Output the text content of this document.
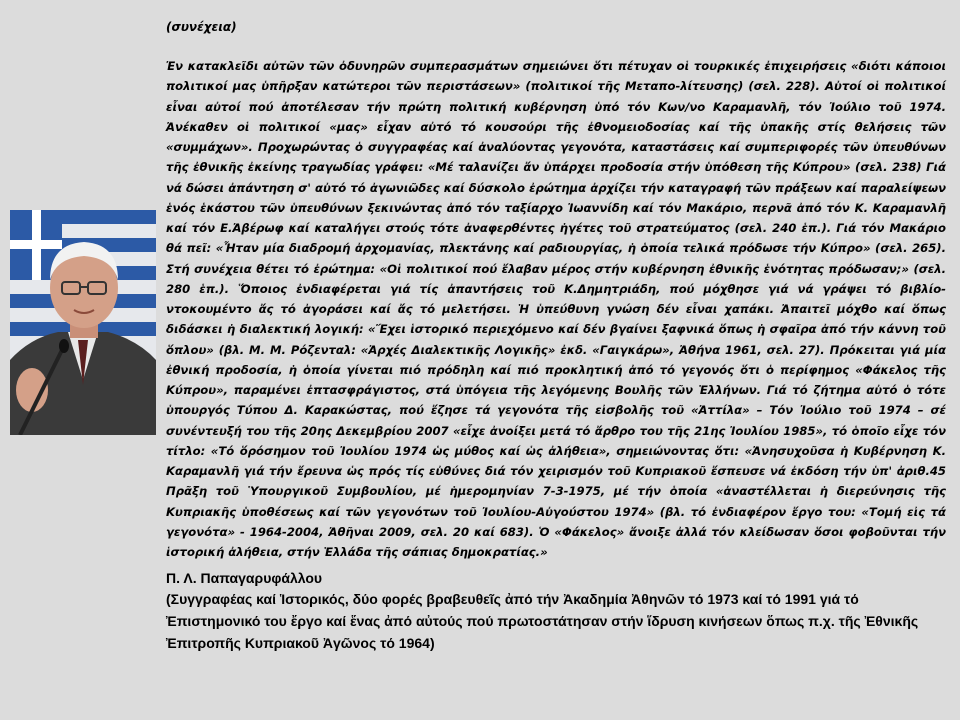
(συνέχεια)

Ἐν κατακλεῖδι αὐτῶν τῶν ὀδυνηρῶν συμπερασμάτων σημειώνει ὅτι πέτυχαν οἱ τουρκικές ἐπιχειρήσεις «διότι κάποιοι πολιτικοί μας ὑπῆρξαν κατώτεροι τῶν περιστάσεων» (πολιτικοί τῆς Μεταπο-λίτευσης) (σελ. 228). Αὐτοί οἱ πολιτικοί εἶναι αὐτοί πού ἀποτέλεσαν τήν πρώτη πολιτική κυβέρνηση ὑπό τόν Κων/νο Καραμανλῆ, τόν Ἰούλιο τοῦ 1974. Ἀνέκαθεν οἱ πολιτικοί «μας» εἶχαν αὐτό τό κουσούρι τῆς ἐθνομειοδοσίας καί τῆς ὑπακῆς στίς θελήσεις τῶν «συμμάχων». Προχωρώντας ὁ συγγραφέας καί ἀναλύοντας γεγονότα, καταστάσεις καί συμπεριφορές τῶν ὑπευθύνων τῆς ἐθνικῆς ἐκείνης τραγωδίας γράφει: «Μέ ταλανίζει ἄν ὑπάρχει προδοσία στήν ὑπόθεση τῆς Κύπρου» (σελ. 238) Γιά νά δώσει ἀπάντηση σ' αὐτό τό ἀγωνιῶδες καί δύσκολο ἐρώτημα ἀρχίζει τήν καταγραφή τῶν πράξεων καί παραλείψεων ἑνός ἑκάστου τῶν ὑπευθύνων ξεκινώντας ἀπό τόν ταξίαρχο Ἰωαννίδη καί τόν Μακάριο, περνᾶ ἀπό τόν Κ. Καραμανλῆ καί τόν Ε.Ἀβέρωφ καί καταλήγει στούς τότε ἀναφερθέντες ἡγέτες τοῦ στρατεύματος (σελ. 240 ἑπ.). Γιά τόν Μακάριο θά πεῖ: «Ἦταν μία διαδρομή ἀρχομανίας, πλεκτάνης καί ραδιουργίας, ἡ ὁποία τελικά πρόδωσε τήν Κύπρο» (σελ. 265). Στή συνέχεια θέτει τό ἐρώτημα: «Οἱ πολιτικοί πού ἔλαβαν μέρος στήν κυβέρνηση ἐθνικῆς ἑνότητας πρόδωσαν;» (σελ. 280 ἑπ.). Ὅποιος ἐνδιαφέρεται γιά τίς ἀπαντήσεις τοῦ Κ.Δημητριάδη, πού μόχθησε γιά νά γράψει τό βιβλίο-ντοκουμέντο ἄς τό ἀγοράσει καί ἄς τό μελετήσει. Ἡ ὑπεύθυνη γνώση δέν εἶναι χαπάκι. Ἀπαιτεῖ μόχθο καί ὅπως διδάσκει ἡ διαλεκτική λογική: «Ἔχει ἱστορικό περιεχόμενο καί δέν βγαίνει ξαφνικά ὅπως ἡ σφαῖρα ἀπό τήν κάννη τοῦ ὅπλου» (βλ. Μ. Μ. Ρόζενταλ: «Ἀρχές Διαλεκτικῆς Λογικῆς» ἐκδ. «Γαιγκάρω», Ἀθήνα 1961, σελ. 27). Πρόκειται γιά μία ἐθνική προδοσία, ἡ ὁποία γίνεται πιό πρόδηλη καί πιό προκλητική ἀπό τό γεγονός ὅτι ὁ περίφημος «Φάκελος τῆς Κύπρου», παραμένει ἐπτασφράγιστος, στά ὑπόγεια τῆς λεγόμενης Βουλῆς τῶν Ἑλλήνων. Γιά τό ζήτημα αὐτό ὁ τότε ὑπουργός Τύπου Δ. Καρακώστας, πού ἔζησε τά γεγονότα τῆς εἰσβολῆς τοῦ «Ἀττίλα» – Τόν Ἰούλιο τοῦ 1974 – σέ συνέντευξή του τῆς 20ης Δεκεμβρίου 2007 «εἶχε ἀνοίξει μετά τό ἄρθρο του τῆς 21ης Ἰουλίου 1985», τό ὁποῖο εἶχε τόν τίτλο: «Τό ὅρόσημον τοῦ Ἰουλίου 1974 ὡς μύθος καί ὡς ἀλήθεια», σημειώνοντας ὅτι: «Ἀνησυχοῦσα ἡ Κυβέρνηση Κ. Καραμανλῆ γιά τήν ἔρευνα ὡς πρός τίς εὐθύνες διά τόν χειρισμόν τοῦ Κυπριακοῦ ἔσπευσε νά ἐκδόση τήν ὑπ' ἀριθ.45 Πρᾶξη τοῦ Ὑπουργικοῦ Συμβουλίου, μέ ἡμερομηνίαν 7-3-1975, μέ τήν ὁποία «ἀναστέλλεται ἡ διερεύνησις τῆς Κυπριακῆς ὑποθέσεως καί τῶν γεγονότων τοῦ Ἰουλίου-Αὐγούστου 1974» (βλ. τό ἐνδιαφέρον ἔργο του: «Τομή εἰς τά γεγονότα» - 1964-2004, Ἀθῆναι 2009, σελ. 20 καί 683). Ὁ «Φάκελος» ἄνοιξε ἀλλά τόν κλείδωσαν ὅσοι φοβοῦνται τήν ἱστορική ἀλήθεια, στήν Ἑλλάδα τῆς σάπιας δημοκρατίας.»

Π. Λ. Παπαγαρυφάλλου

(Συγγραφέας καί Ἱστορικός, δύο φορές βραβευθεῖς ἀπό τήν Ἀκαδημία Ἀθηνῶν τό 1973 καί τό 1991 γιά τό Ἐπιστημονικό του ἔργο καί ἕνας ἀπό αὐτούς πού πρωτοστάτησαν στήν ἵδρυση κινήσεων ὅπως π.χ. τῆς Ἐθνικῆς Ἐπιτροπῆς Κυπριακοῦ Ἀγῶνος τό 1964)
